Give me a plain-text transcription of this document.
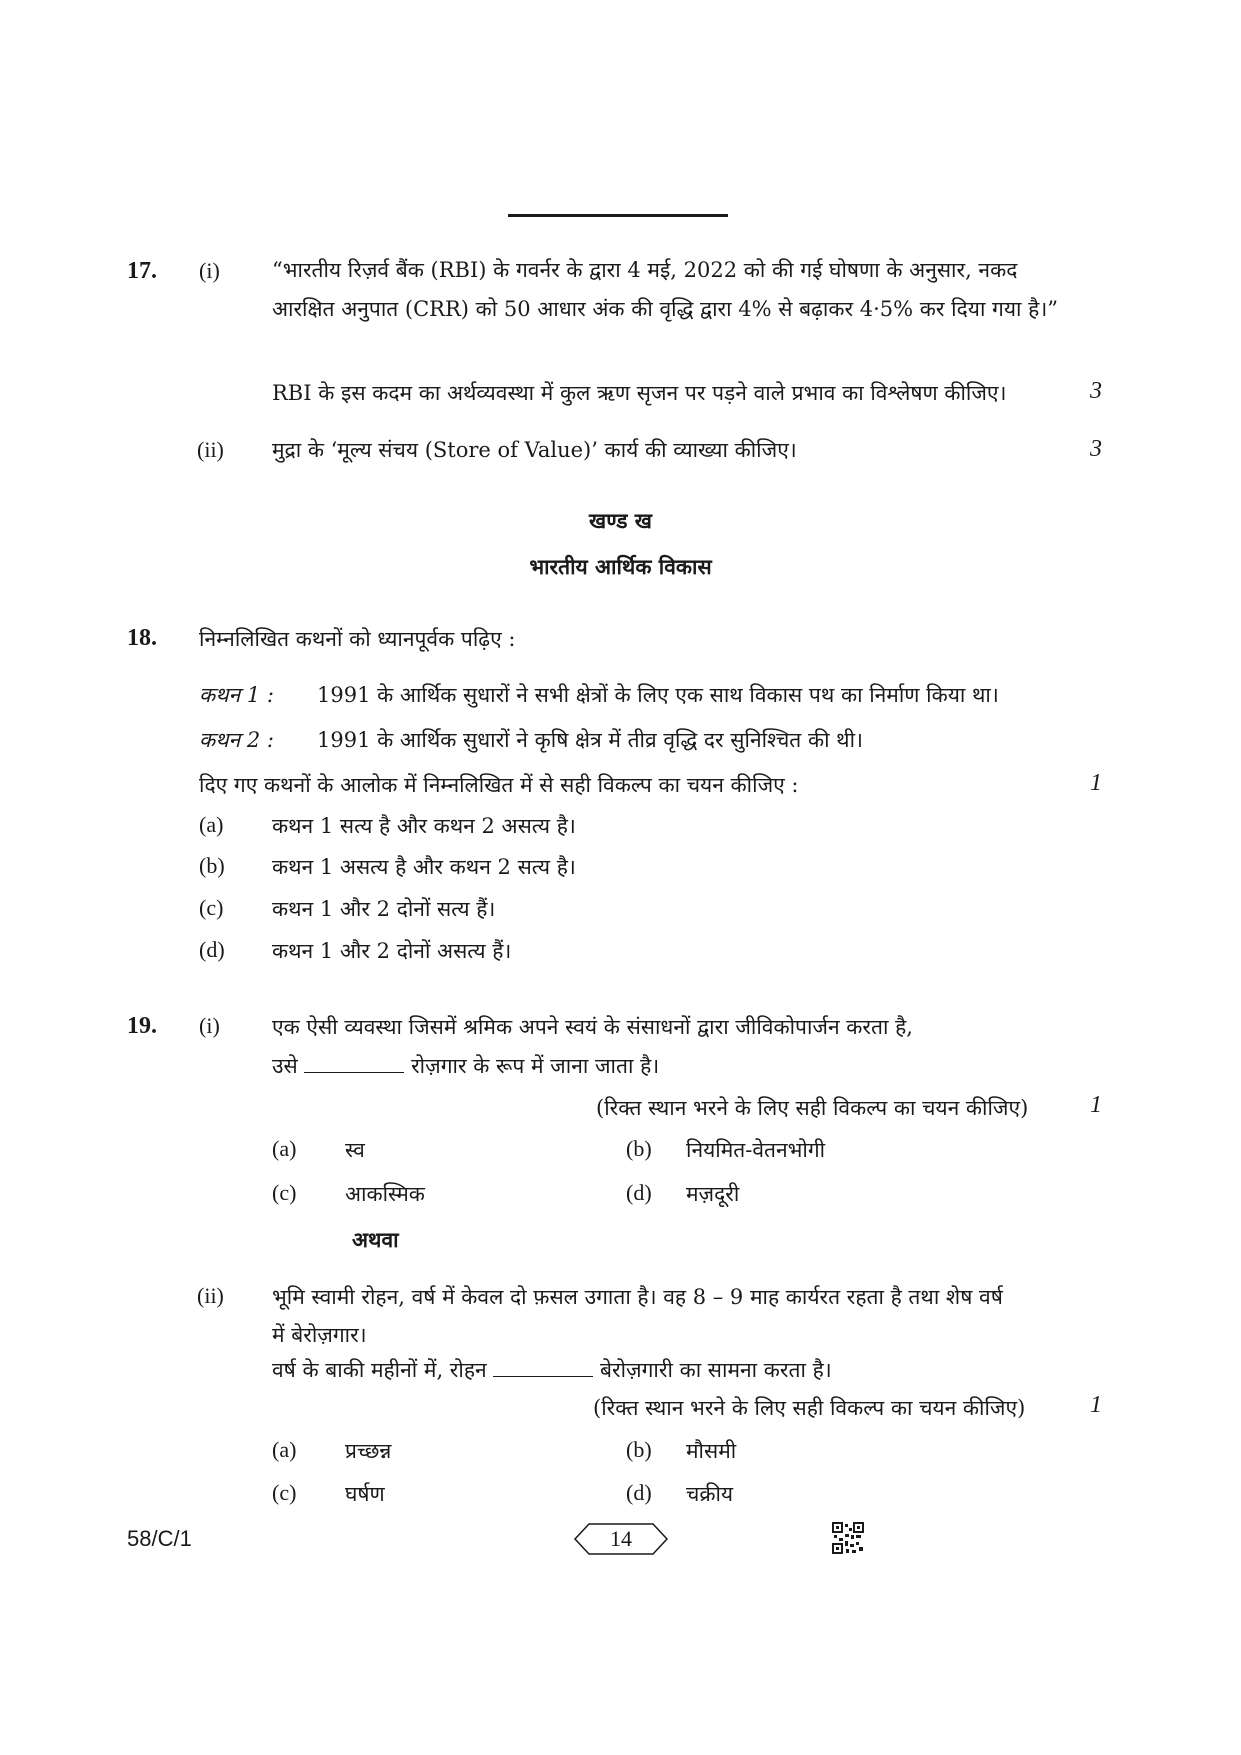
17. (i) “भारतीय रिज़र्व बैंक (RBI) के गवर्नर के द्वारा 4 मई, 2022 को की गई घोषणा के अनुसार, नकद आरक्षित अनुपात (CRR) को 50 आधार अंक की वृद्धि द्वारा 4% से बढ़ाकर 4·5% कर दिया गया है।”
RBI के इस कदम का अर्थव्यवस्था में कुल ऋण सृजन पर पड़ने वाले प्रभाव का विश्लेषण कीजिए।	3
(ii) मुद्रा के ‘मूल्य संचय (Store of Value)’ कार्य की व्याख्या कीजिए।	3
खण्ड ख
भारतीय आर्थिक विकास
18. निम्नलिखित कथनों को ध्यानपूर्वक पढ़िए :
कथन 1 : 1991 के आर्थिक सुधारों ने सभी क्षेत्रों के लिए एक साथ विकास पथ का निर्माण किया था।
कथन 2 : 1991 के आर्थिक सुधारों ने कृषि क्षेत्र में तीव्र वृद्धि दर सुनिश्चित की थी।
दिए गए कथनों के आलोक में निम्नलिखित में से सही विकल्प का चयन कीजिए :	1
(a) कथन 1 सत्य है और कथन 2 असत्य है।
(b) कथन 1 असत्य है और कथन 2 सत्य है।
(c) कथन 1 और 2 दोनों सत्य हैं।
(d) कथन 1 और 2 दोनों असत्य हैं।
19. (i) एक ऐसी व्यवस्था जिसमें श्रमिक अपने स्वयं के संसाधनों द्वारा जीविकोपार्जन करता है,
उसे	रोज़गार के रूप में जाना जाता है।
(रिक्त स्थान भरने के लिए सही विकल्प का चयन कीजिए)	1
(a) स्व	(b) नियमित-वेतनभोगी
(c) आकस्मिक	(d) मज़दूरी
अथवा
(ii) भूमि स्वामी रोहन, वर्ष में केवल दो फ़सल उगाता है। वह 8 – 9 माह कार्यरत रहता है तथा शेष वर्ष
में बेरोज़गार।
वर्ष के बाकी महीनों में, रोहन	बेरोज़गारी का सामना करता है।
(रिक्त स्थान भरने के लिए सही विकल्प का चयन कीजिए)	1
(a) प्रच्छन्न	(b) मौसमी
(c) घर्षण	(d) चक्रीय
58/C/1	14
